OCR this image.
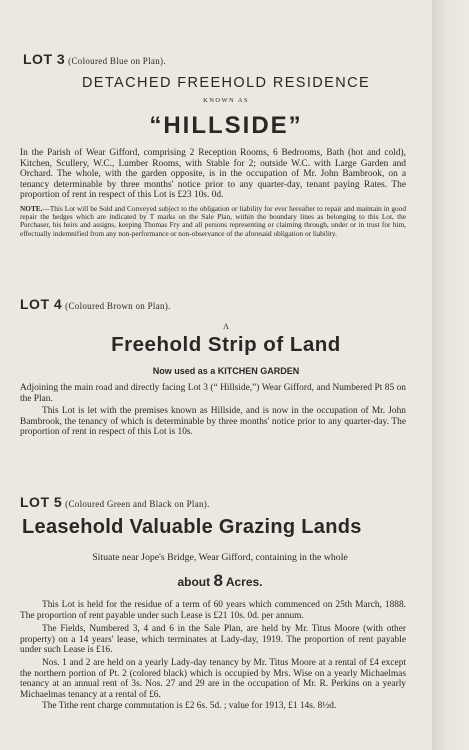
LOT 3 (Coloured Blue on Plan).

DETACHED FREEHOLD RESIDENCE

KNOWN AS

“HILLSIDE”

In the Parish of Wear Gifford, comprising 2 Reception Rooms, 6 Bedrooms, Bath (hot and cold), Kitchen, Scullery, W.C., Lumber Rooms, with Stable for 2; outside W.C. with Large Garden and Orchard. The whole, with the garden opposite, is in the occupation of Mr. John Bambrook, on a tenancy determinable by three months' notice prior to any quarter-day, tenant paying Rates. The proportion of rent in respect of this Lot is £23 10s. 0d.

NOTE.—This Lot will be Sold and Conveyed subject to the obligation or liability for ever hereafter to repair and maintain in good repair the hedges which are indicated by T marks on the Sale Plan, within the boundary lines as belonging to this Lot, the Purchaser, his heirs and assigns, keeping Thomas Fry and all persons representing or claiming through, under or in trust for him, effectually indemnified from any non-performance or non-observance of the aforesaid obligation or liability.

LOT 4 (Coloured Brown on Plan).

A

Freehold Strip of Land

Now used as a KITCHEN GARDEN

Adjoining the main road and directly facing Lot 3 (“ Hillside,”) Wear Gifford, and Numbered Pt 85 on the Plan.

This Lot is let with the premises known as Hillside, and is now in the occupation of Mr. John Bambrook, the tenancy of which is determinable by three months' notice prior to any quarter-day. The proportion of rent in respect of this Lot is 10s.

LOT 5 (Coloured Green and Black on Plan).

Leasehold Valuable Grazing Lands

Situate near Jope's Bridge, Wear Gifford, containing in the whole

about 8 Acres.

This Lot is held for the residue of a term of 60 years which commenced on 25th March, 1888. The proportion of rent payable under such Lease is £21 10s. 0d. per annum.

The Fields, Numbered 3, 4 and 6 in the Sale Plan, are held by Mr. Titus Moore (with other property) on a 14 years' lease, which terminates at Lady-day, 1919. The proportion of rent payable under such Lease is £16.

Nos. 1 and 2 are held on a yearly Lady-day tenancy by Mr. Titus Moore at a rental of £4 except the northern portion of Pt. 2 (colored black) which is occupied by Mrs. Wise on a yearly Michaelmas tenancy at an annual rent of 3s. Nos. 27 and 29 are in the occupation of Mr. R. Perkins on a yearly Michaelmas tenancy at a rental of £6.

The Tithe rent charge commutation is £2 6s. 5d. ; value for 1913, £1 14s. 8½d.
